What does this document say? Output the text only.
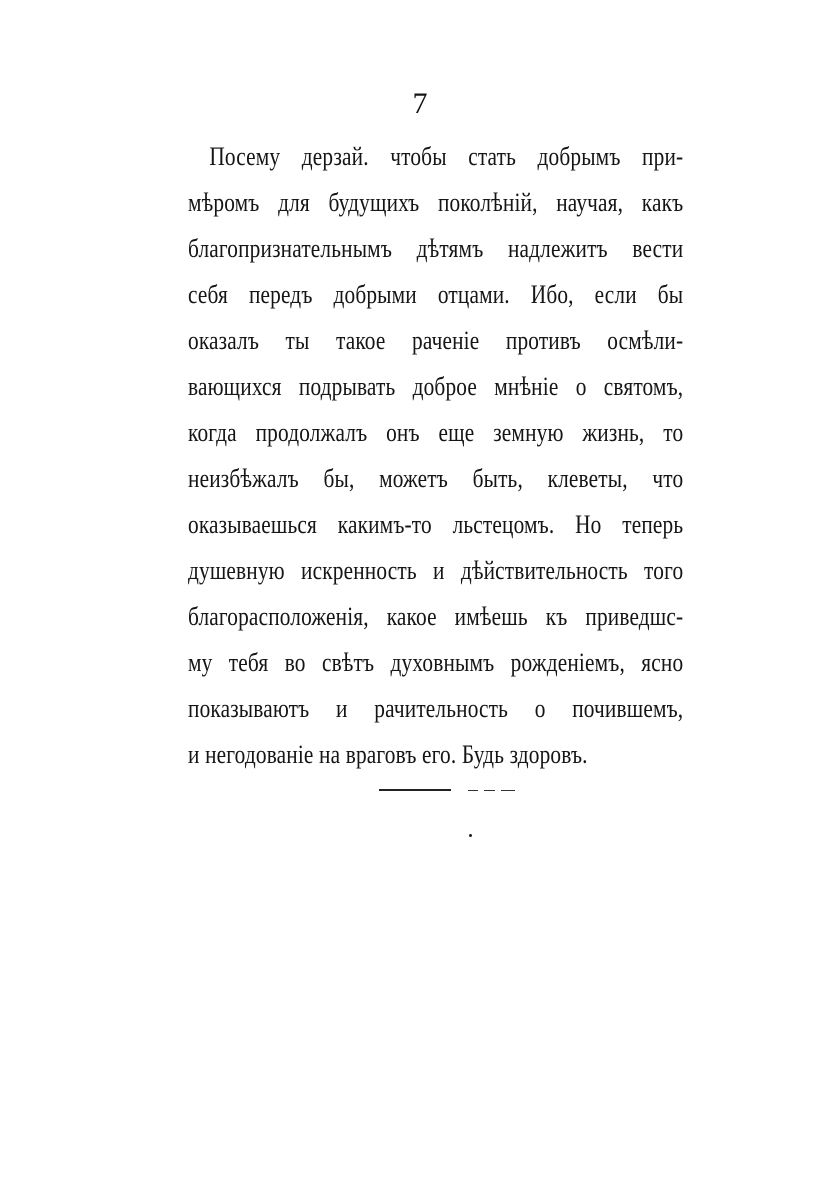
7
Посему дерзай. чтобы стать добрымъ при-
мѣромъ для будущихъ поколѣній, научая, какъ
благопризнательнымъ дѣтямъ надлежитъ вести
себя передъ добрыми отцами. Ибо, если бы
оказалъ ты такое раченіе противъ осмѣли-
вающихся подрывать доброе мнѣніе о святомъ,
когда продолжалъ онъ еще земную жизнь, то
неизбѣжалъ бы, можетъ быть, клеветы, что
оказываешься какимъ-то льстецомъ. Но теперь
душевную искренность и дѣйствительность того
благорасположенія, какое имѣешь къ приведшс-
му тебя во свѣтъ духовнымъ рожденіемъ, ясно
показываютъ и рачительность о почившемъ,
и негодованіе на враговъ его. Будь здоровъ.
